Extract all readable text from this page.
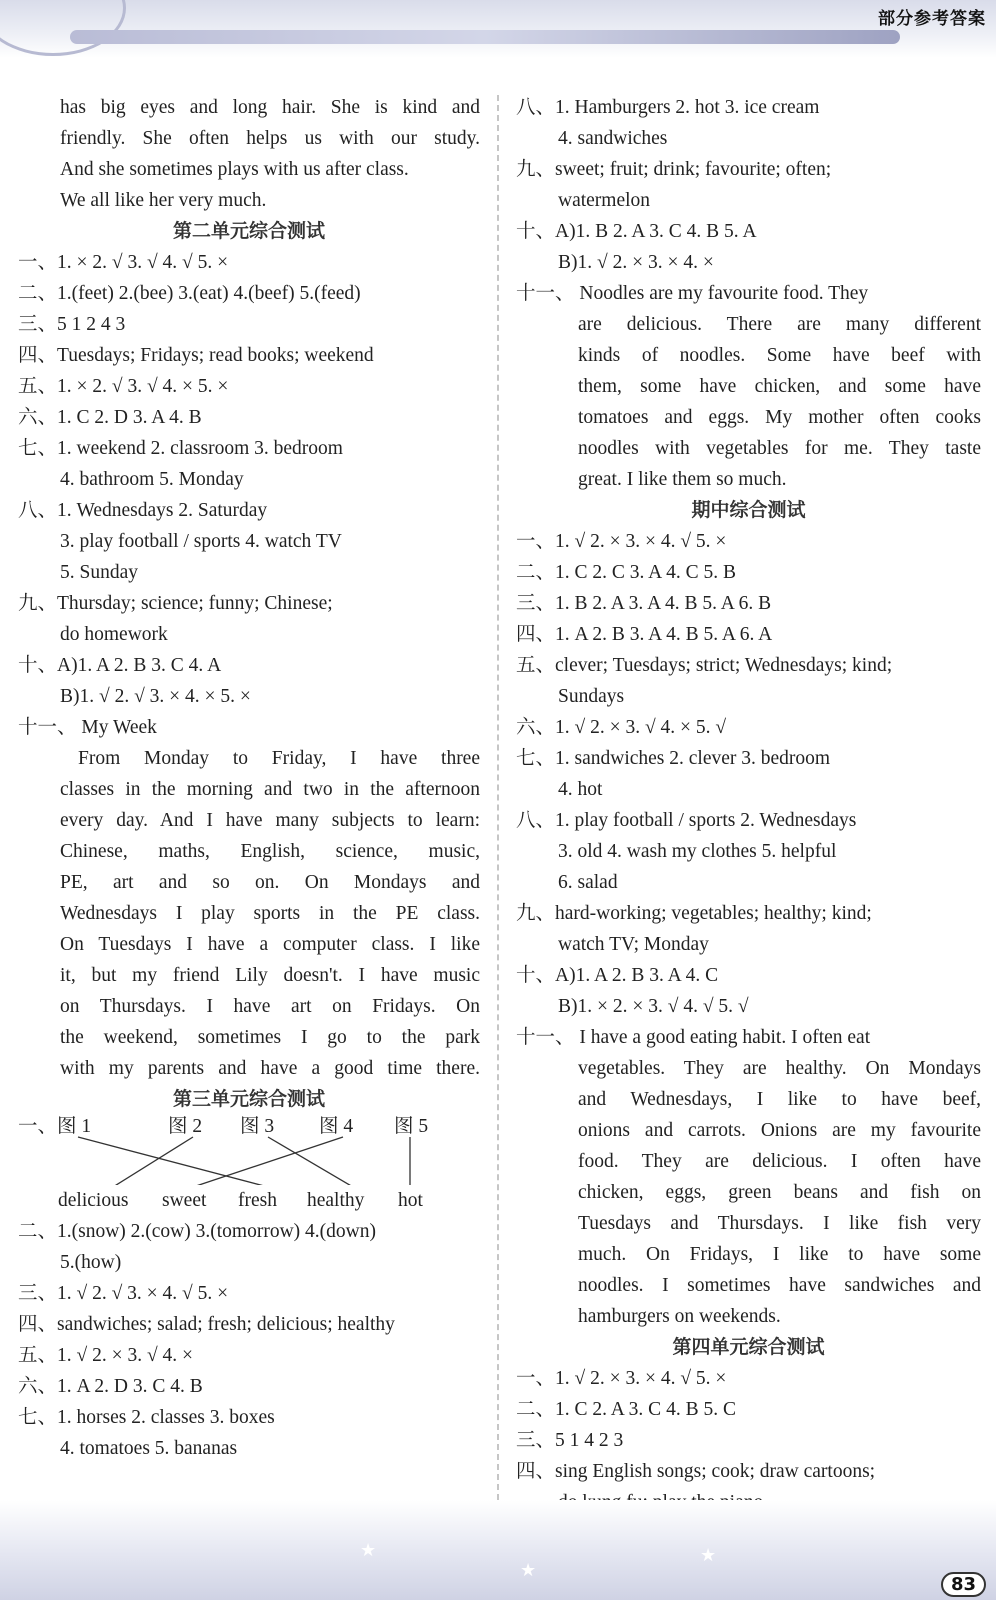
部分参考答案
has big eyes and long hair. She is kind and
friendly. She often helps us with our study.
And she sometimes plays with us after class.
We all like her very much.
第二单元综合测试
一、1. × 2. √ 3. √ 4. √ 5. ×
二、1.(feet) 2.(bee) 3.(eat) 4.(beef) 5.(feed)
三、5 1 2 4 3
四、Tuesdays; Fridays; read books; weekend
五、1. × 2. √ 3. √ 4. × 5. ×
六、1. C 2. D 3. A 4. B
七、1. weekend 2. classroom 3. bedroom
4. bathroom 5. Monday
八、1. Wednesdays 2. Saturday
3. play football / sports 4. watch TV
5. Sunday
九、Thursday; science; funny; Chinese;
do homework
十、A)1. A 2. B 3. C 4. A
B)1. √ 2. √ 3. × 4. × 5. ×
十一、 My Week
From Monday to Friday, I have three
classes in the morning and two in the afternoon
every day. And I have many subjects to learn:
Chinese, maths, English, science, music,
PE, art and so on. On Mondays and
Wednesdays I play sports in the PE class.
On Tuesdays I have a computer class. I like
it, but my friend Lily doesn't. I have music
on Thursdays. I have art on Fridays. On
the weekend, sometimes I go to the park
with my parents and have a good time there.
第三单元综合测试
一、图 1	图 2 图 3 图 4 图 5
delicious sweet fresh healthy hot
二、1.(snow) 2.(cow) 3.(tomorrow) 4.(down)
5.(how)
三、1. √ 2. √ 3. × 4. √ 5. ×
四、sandwiches; salad; fresh; delicious; healthy
五、1. √ 2. × 3. √ 4. ×
六、1. A 2. D 3. C 4. B
七、1. horses 2. classes 3. boxes
4. tomatoes 5. bananas
八、1. Hamburgers 2. hot 3. ice cream
4. sandwiches
九、sweet; fruit; drink; favourite; often;
watermelon
十、A)1. B 2. A 3. C 4. B 5. A
B)1. √ 2. × 3. × 4. ×
十一、 Noodles are my favourite food. They
are delicious. There are many different
kinds of noodles. Some have beef with
them, some have chicken, and some have
tomatoes and eggs. My mother often cooks
noodles with vegetables for me. They taste
great. I like them so much.
期中综合测试
一、1. √ 2. × 3. × 4. √ 5. ×
二、1. C 2. C 3. A 4. C 5. B
三、1. B 2. A 3. A 4. B 5. A 6. B
四、1. A 2. B 3. A 4. B 5. A 6. A
五、clever; Tuesdays; strict; Wednesdays; kind;
Sundays
六、1. √ 2. × 3. √ 4. × 5. √
七、1. sandwiches 2. clever 3. bedroom
4. hot
八、1. play football / sports 2. Wednesdays
3. old 4. wash my clothes 5. helpful
6. salad
九、hard-working; vegetables; healthy; kind;
watch TV; Monday
十、A)1. A 2. B 3. A 4. C
B)1. × 2. × 3. √ 4. √ 5. √
十一、 I have a good eating habit. I often eat
vegetables. They are healthy. On Mondays
and Wednesdays, I like to have beef,
onions and carrots. Onions are my favourite
food. They are delicious. I often have
chicken, eggs, green beans and fish on
Tuesdays and Thursdays. I like fish very
much. On Fridays, I like to have some
noodles. I sometimes have sandwiches and
hamburgers on weekends.
第四单元综合测试
一、1. √ 2. × 3. × 4. √ 5. ×
二、1. C 2. A 3. C 4. B 5. C
三、5 1 4 2 3
四、sing English songs; cook; draw cartoons;
★
★
★
83
